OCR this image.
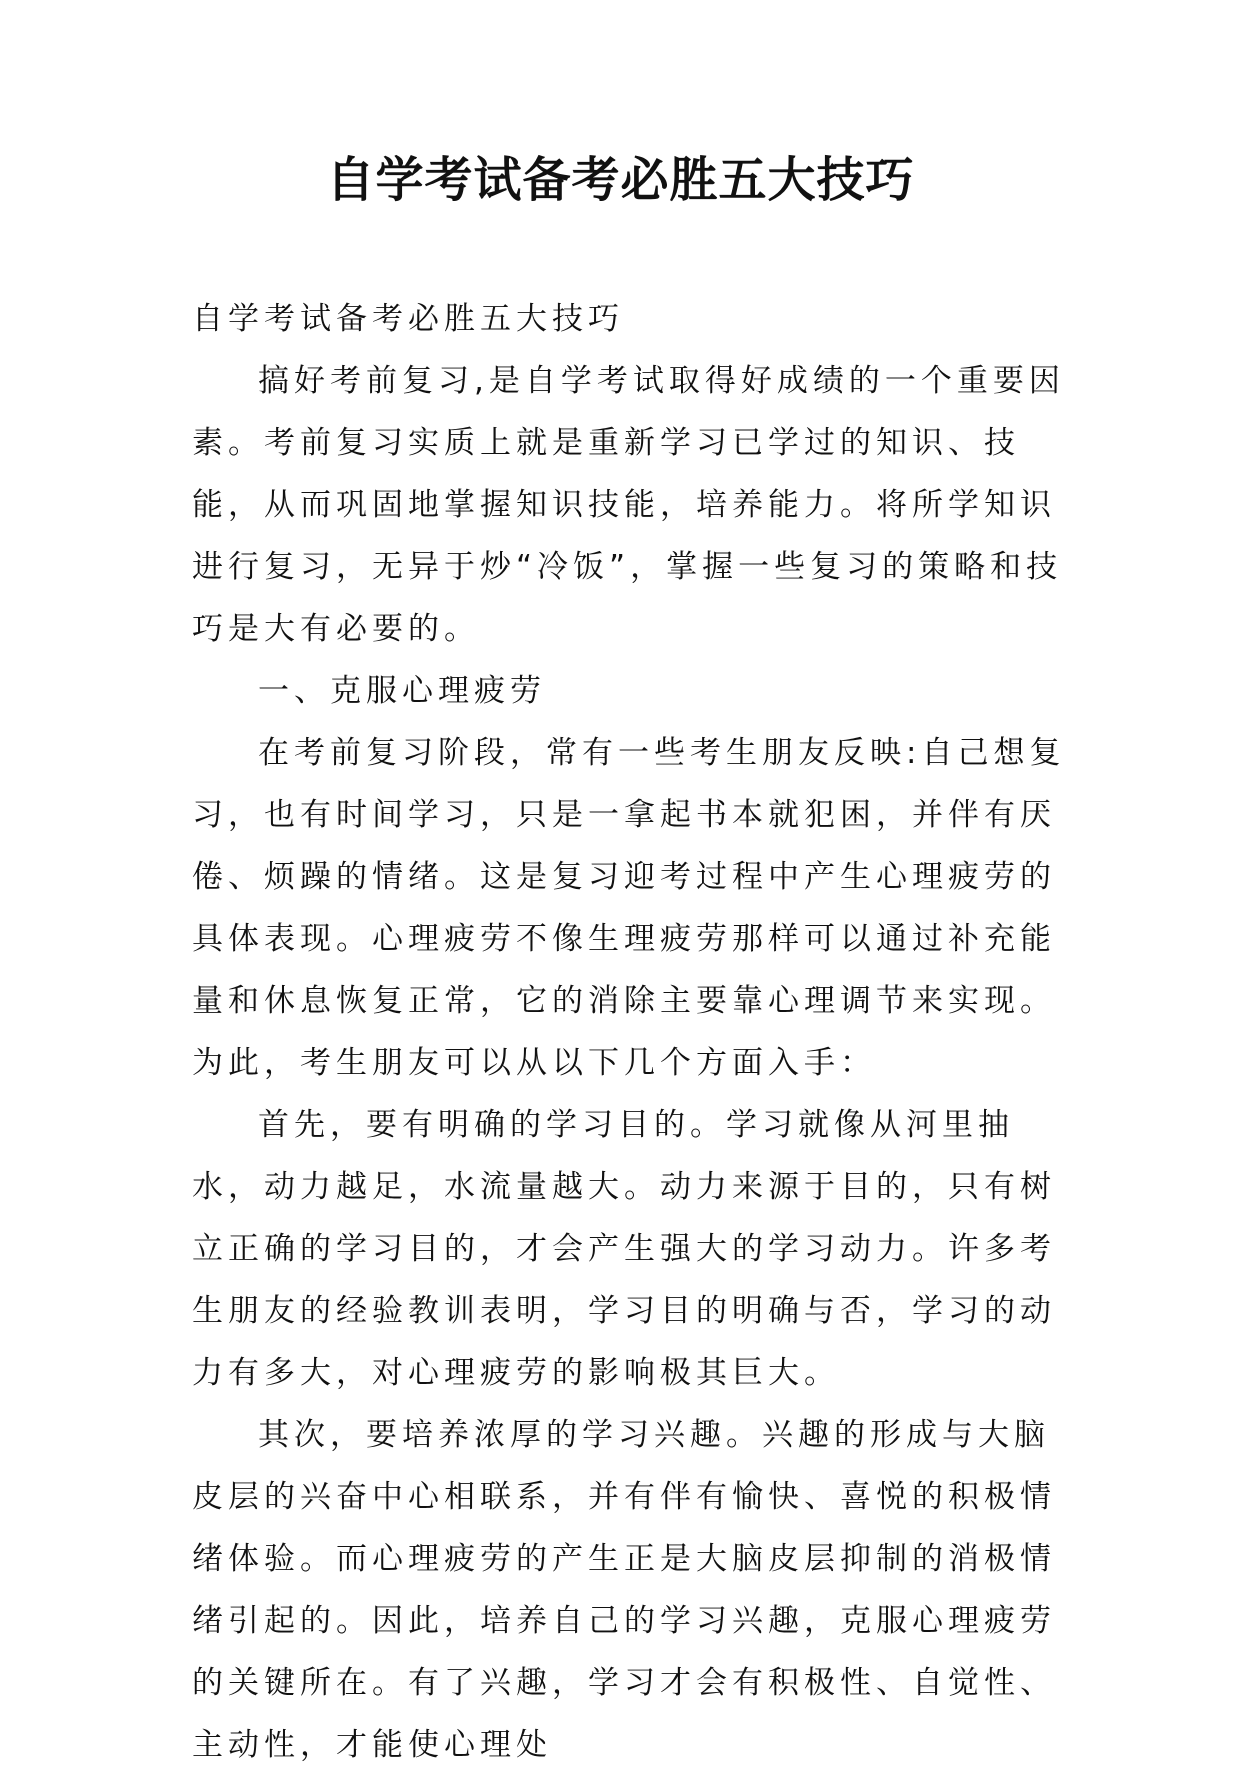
自学考试备考必胜五大技巧

自学考试备考必胜五大技巧

搞好考前复习,是自学考试取得好成绩的一个重要因素。考前复习实质上就是重新学习已学过的知识、技能，从而巩固地掌握知识技能，培养能力。将所学知识进行复习，无异于炒“冷饭”，掌握一些复习的策略和技巧是大有必要的。

一、克服心理疲劳

在考前复习阶段，常有一些考生朋友反映:自己想复习，也有时间学习，只是一拿起书本就犯困，并伴有厌倦、烦躁的情绪。这是复习迎考过程中产生心理疲劳的具体表现。心理疲劳不像生理疲劳那样可以通过补充能量和休息恢复正常，它的消除主要靠心理调节来实现。为此，考生朋友可以从以下几个方面入手：

首先，要有明确的学习目的。学习就像从河里抽水，动力越足，水流量越大。动力来源于目的，只有树立正确的学习目的，才会产生强大的学习动力。许多考生朋友的经验教训表明，学习目的明确与否，学习的动力有多大，对心理疲劳的影响极其巨大。

其次，要培养浓厚的学习兴趣。兴趣的形成与大脑皮层的兴奋中心相联系，并有伴有愉快、喜悦的积极情绪体验。而心理疲劳的产生正是大脑皮层抑制的消极情绪引起的。因此，培养自己的学习兴趣，克服心理疲劳的关键所在。有了兴趣，学习才会有积极性、自觉性、主动性，才能使心理处
